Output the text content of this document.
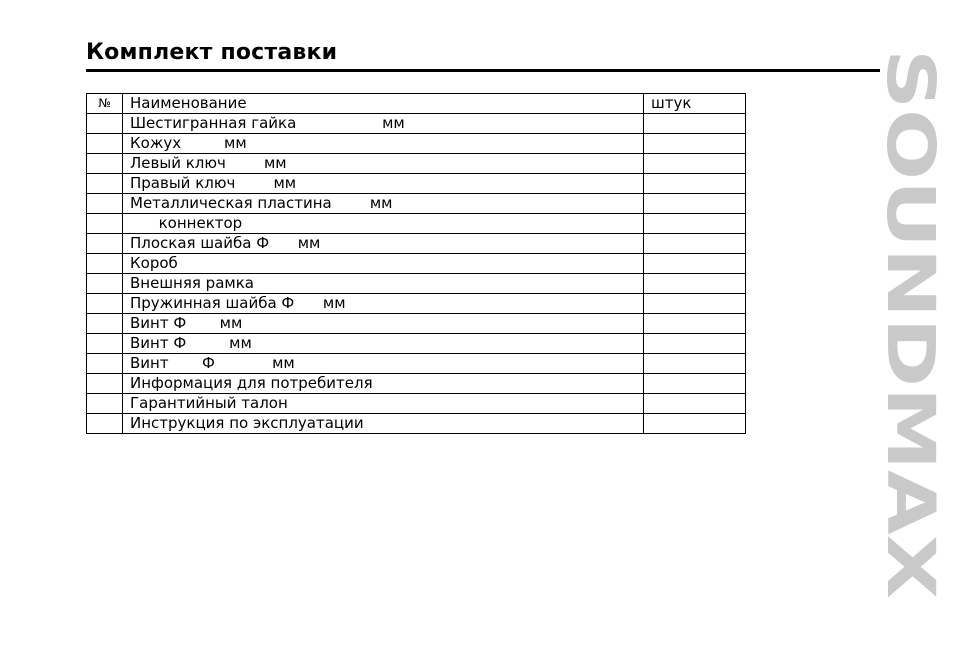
Комплект поставки
№	Наименование	штук
	Шестигранная гайка                  мм	
	Кожух         мм	
	Левый ключ        мм	
	Правый ключ        мм	
	Металлическая пластина        мм	
	коннектор	
	Плоская шайба Ф      мм	
	Короб	
	Внешняя рамка	
	Пружинная шайба Ф      мм	
	Винт Ф       мм	
	Винт Ф         мм	
	Винт       Ф            мм	
	Информация для потребителя	
	Гарантийный талон	
	Инструкция по эксплуатации		SOUNDMAX
